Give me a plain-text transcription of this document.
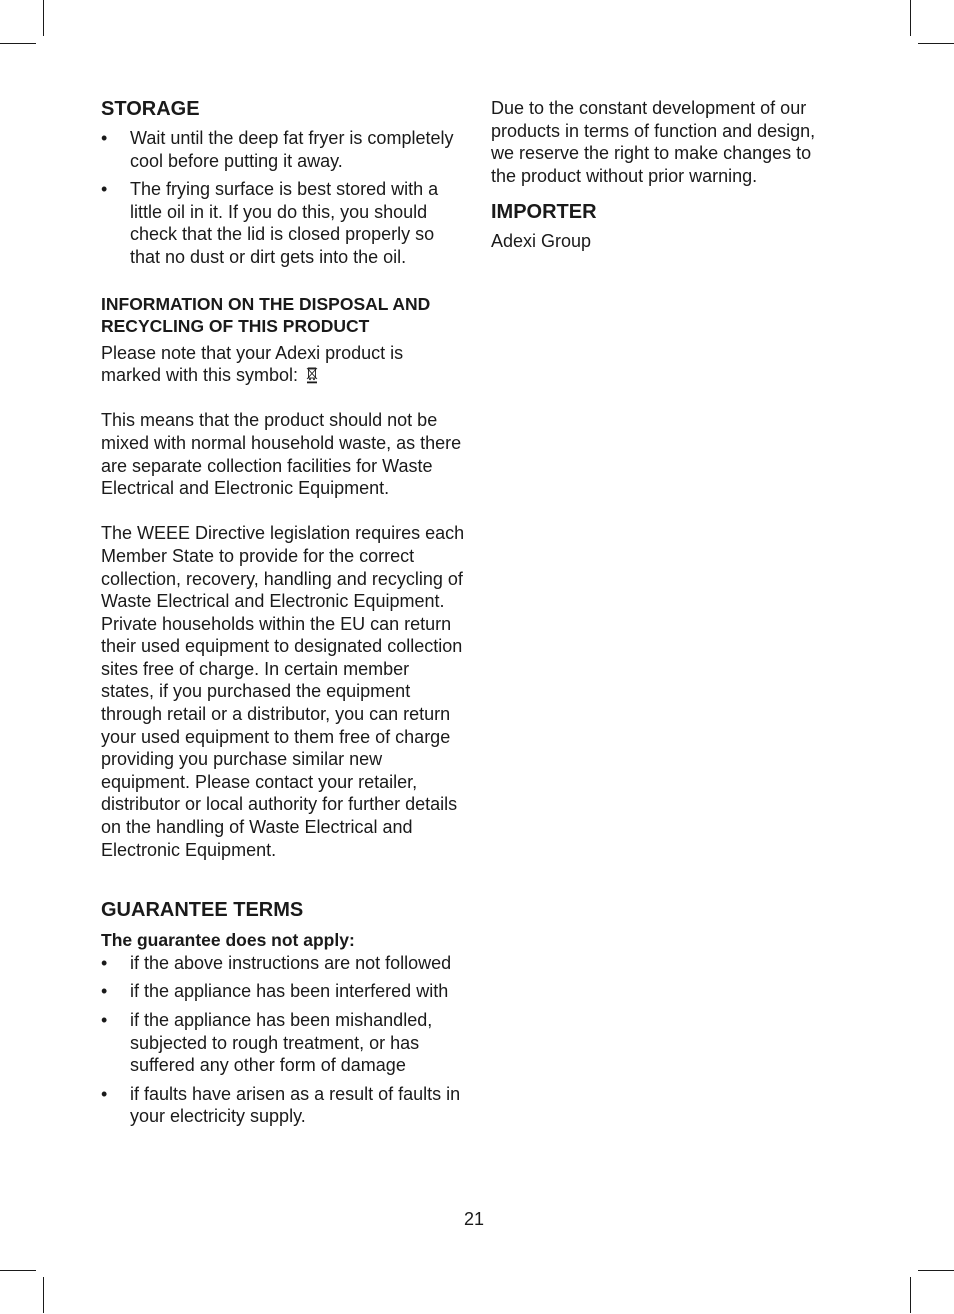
STORAGE
• Wait until the deep fat fryer is completely cool before putting it away.
• The frying surface is best stored with a little oil in it. If you do this, you should check that the lid is closed properly so that no dust or dirt gets into the oil.
INFORMATION ON THE DISPOSAL AND
RECYCLING OF THIS PRODUCT

Please note that your Adexi product is marked with this symbol:

This means that the product should not be mixed with normal household waste, as there are separate collection facilities for Waste Electrical and Electronic Equipment.

The WEEE Directive legislation requires each Member State to provide for the correct collection, recovery, handling and recycling of Waste Electrical and Electronic Equipment. Private households within the EU can return their used equipment to designated collection sites free of charge. In certain member states, if you purchased the equipment through retail or a distributor, you can return your used equipment to them free of charge providing you purchase similar new equipment. Please contact your retailer, distributor or local authority for further details on the handling of Waste Electrical and Electronic Equipment.

GUARANTEE TERMS
The guarantee does not apply:
• if the above instructions are not followed
• if the appliance has been interfered with
• if the appliance has been mishandled, subjected to rough treatment, or has suffered any other form of damage
• if faults have arisen as a result of faults in your electricity supply.

Due to the constant development of our products in terms of function and design, we reserve the right to make changes to the product without prior warning.

IMPORTER

Adexi Group

21
